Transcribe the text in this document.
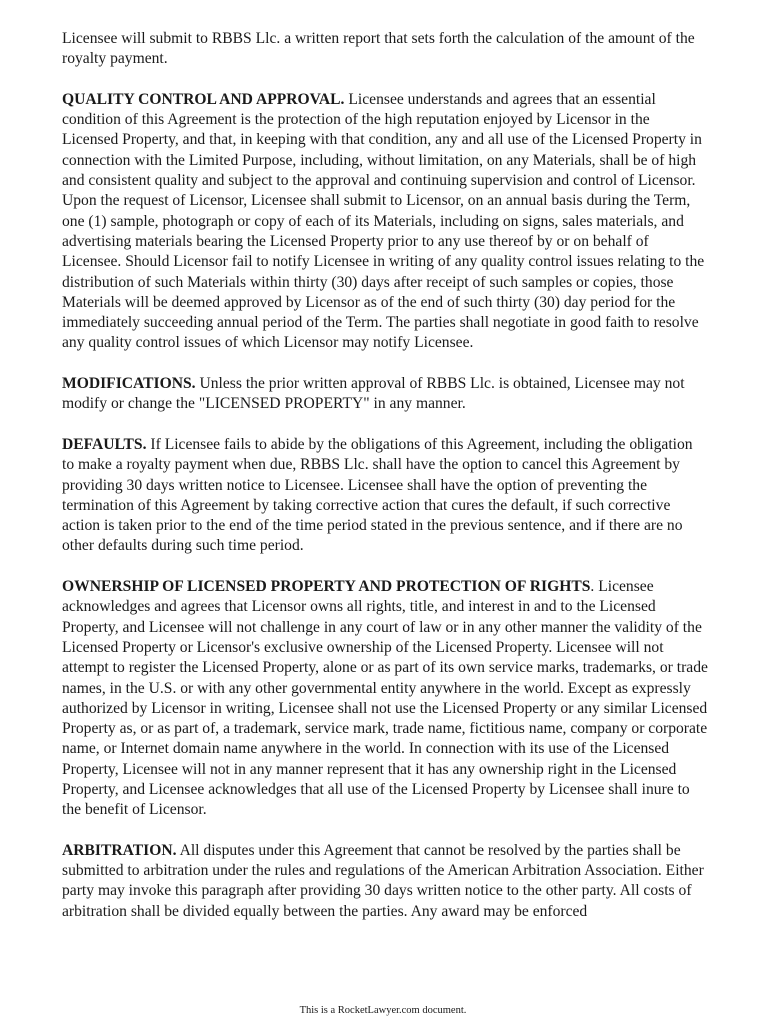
Licensee will submit to RBBS Llc. a written report that sets forth the calculation of the amount of the royalty payment.

QUALITY CONTROL AND APPROVAL. Licensee understands and agrees that an essential condition of this Agreement is the protection of the high reputation enjoyed by Licensor in the Licensed Property, and that, in keeping with that condition, any and all use of the Licensed Property in connection with the Limited Purpose, including, without limitation, on any Materials, shall be of high and consistent quality and subject to the approval and continuing supervision and control of Licensor. Upon the request of Licensor, Licensee shall submit to Licensor, on an annual basis during the Term, one (1) sample, photograph or copy of each of its Materials, including on signs, sales materials, and advertising materials bearing the Licensed Property prior to any use thereof by or on behalf of Licensee. Should Licensor fail to notify Licensee in writing of any quality control issues relating to the distribution of such Materials within thirty (30) days after receipt of such samples or copies, those Materials will be deemed approved by Licensor as of the end of such thirty (30) day period for the immediately succeeding annual period of the Term. The parties shall negotiate in good faith to resolve any quality control issues of which Licensor may notify Licensee.

MODIFICATIONS. Unless the prior written approval of RBBS Llc. is obtained, Licensee may not modify or change the "LICENSED PROPERTY" in any manner.

DEFAULTS. If Licensee fails to abide by the obligations of this Agreement, including the obligation to make a royalty payment when due, RBBS Llc. shall have the option to cancel this Agreement by providing 30 days written notice to Licensee. Licensee shall have the option of preventing the termination of this Agreement by taking corrective action that cures the default, if such corrective action is taken prior to the end of the time period stated in the previous sentence, and if there are no other defaults during such time period.

OWNERSHIP OF LICENSED PROPERTY AND PROTECTION OF RIGHTS. Licensee acknowledges and agrees that Licensor owns all rights, title, and interest in and to the Licensed Property, and Licensee will not challenge in any court of law or in any other manner the validity of the Licensed Property or Licensor's exclusive ownership of the Licensed Property. Licensee will not attempt to register the Licensed Property, alone or as part of its own service marks, trademarks, or trade names, in the U.S. or with any other governmental entity anywhere in the world. Except as expressly authorized by Licensor in writing, Licensee shall not use the Licensed Property or any similar Licensed Property as, or as part of, a trademark, service mark, trade name, fictitious name, company or corporate name, or Internet domain name anywhere in the world. In connection with its use of the Licensed Property, Licensee will not in any manner represent that it has any ownership right in the Licensed Property, and Licensee acknowledges that all use of the Licensed Property by Licensee shall inure to the benefit of Licensor.

ARBITRATION. All disputes under this Agreement that cannot be resolved by the parties shall be submitted to arbitration under the rules and regulations of the American Arbitration Association. Either party may invoke this paragraph after providing 30 days written notice to the other party. All costs of arbitration shall be divided equally between the parties. Any award may be enforced

This is a RocketLawyer.com document.
